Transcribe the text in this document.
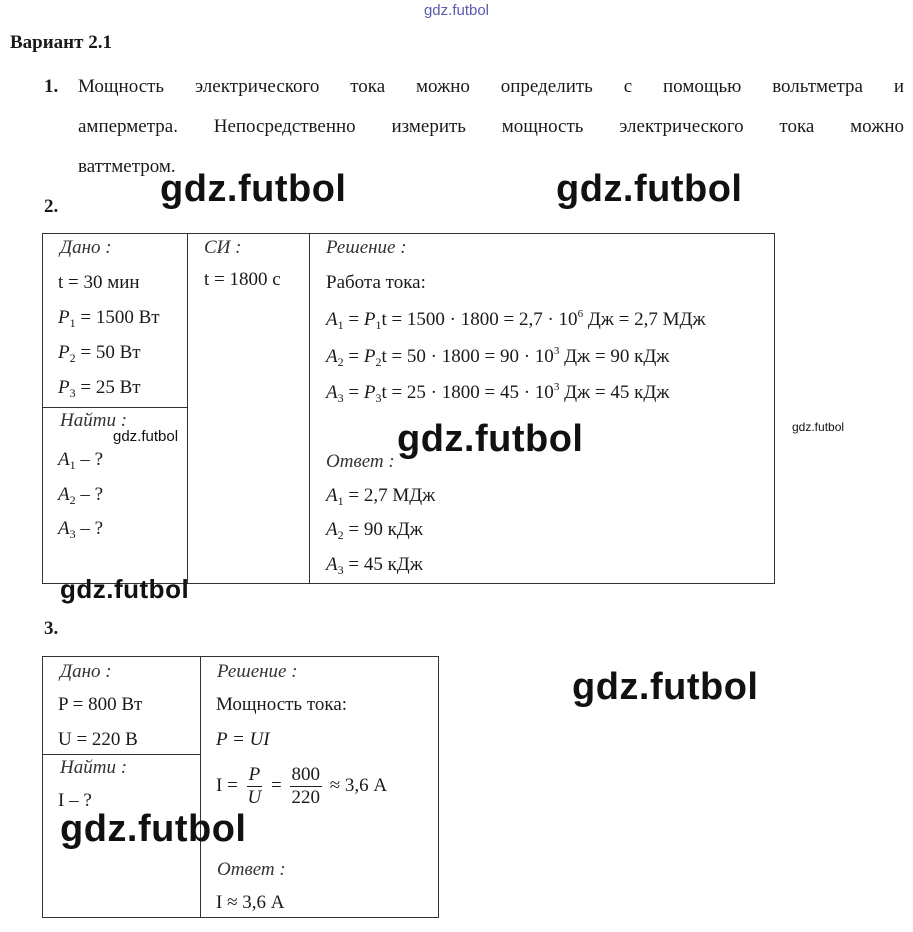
gdz.futbol
Вариант 2.1
1. Мощность электрического тока можно определить с помощью вольтметра и
амперметра. Непосредственно измерить мощность электрического тока можно
ваттметром.
2.
Дано :
t = 30 мин
$P_1 = 1500$ Вт
$P_2 = 50$ Вт
$P_3 = 25$ Вт
Найти :
$A_1$ – ?
$A_2$ – ?
$A_3$ – ?
СИ :
t = 1800 с
Решение :
Работа тока:
$A_1 = P_1t = 1500 \cdot 1800 = 2,7 \cdot 10^6$ Дж = 2,7 МДж
$A_2 = P_2t = 50 \cdot 1800 = 90 \cdot 10^3$ Дж = 90 кДж
$A_3 = P_3t = 25 \cdot 1800 = 45 \cdot 10^3$ Дж = 45 кДж
Ответ :
$A_1 = 2,7$ МДж
$A_2 = 90$ кДж
$A_3 = 45$ кДж
3.
Дано :
P = 800 Вт
U = 220 В
Найти :
I – ?
Решение :
Мощность тока:
P = UI
$I = \frac{P}{U} = \frac{800}{220} \approx 3,6$ А
Ответ :
I ≈ 3,6 А
gdz.futbol	gdz.futbol
gdz.futbol
gdz.futbol
gdz.futbol
gdz.futbol
gdz.futbol
gdz.futbol
